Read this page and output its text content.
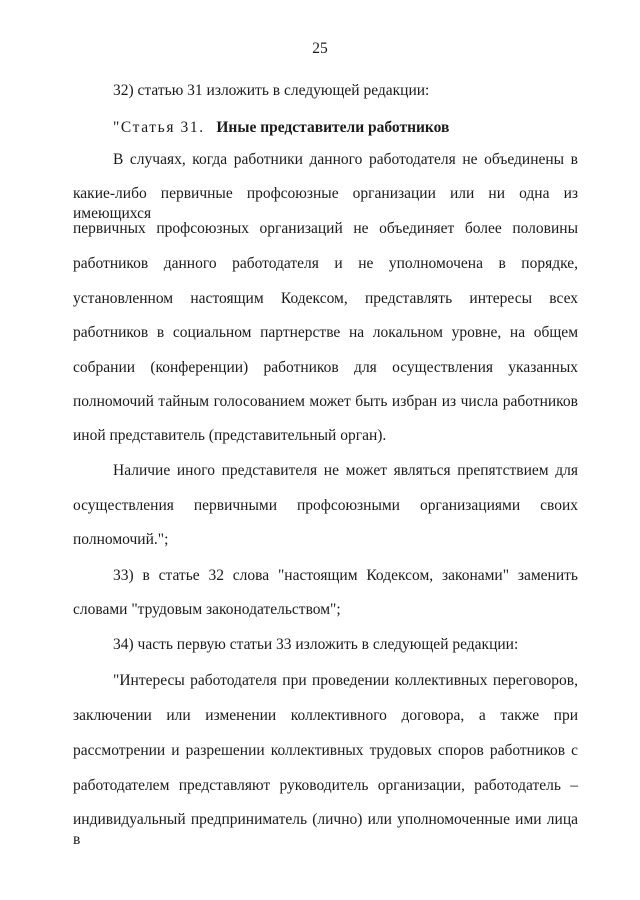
25
32) статью 31 изложить в следующей редакции:
"Статья 31. Иные представители работников
В случаях, когда работники данного работодателя не объединены в
какие-либо первичные профсоюзные организации или ни одна из имеющихся
первичных профсоюзных организаций не объединяет более половины
работников данного работодателя и не уполномочена в порядке,
установленном настоящим Кодексом, представлять интересы всех
работников в социальном партнерстве на локальном уровне, на общем
собрании (конференции) работников для осуществления указанных
полномочий тайным голосованием может быть избран из числа работников
иной представитель (представительный орган).
Наличие иного представителя не может являться препятствием для
осуществления первичными профсоюзными организациями своих
полномочий.";
33) в статье 32 слова "настоящим Кодексом, законами" заменить
словами "трудовым законодательством";
34) часть первую статьи 33 изложить в следующей редакции:
"Интересы работодателя при проведении коллективных переговоров,
заключении или изменении коллективного договора, а также при
рассмотрении и разрешении коллективных трудовых споров работников с
работодателем представляют руководитель организации, работодатель –
индивидуальный предприниматель (лично) или уполномоченные ими лица в
